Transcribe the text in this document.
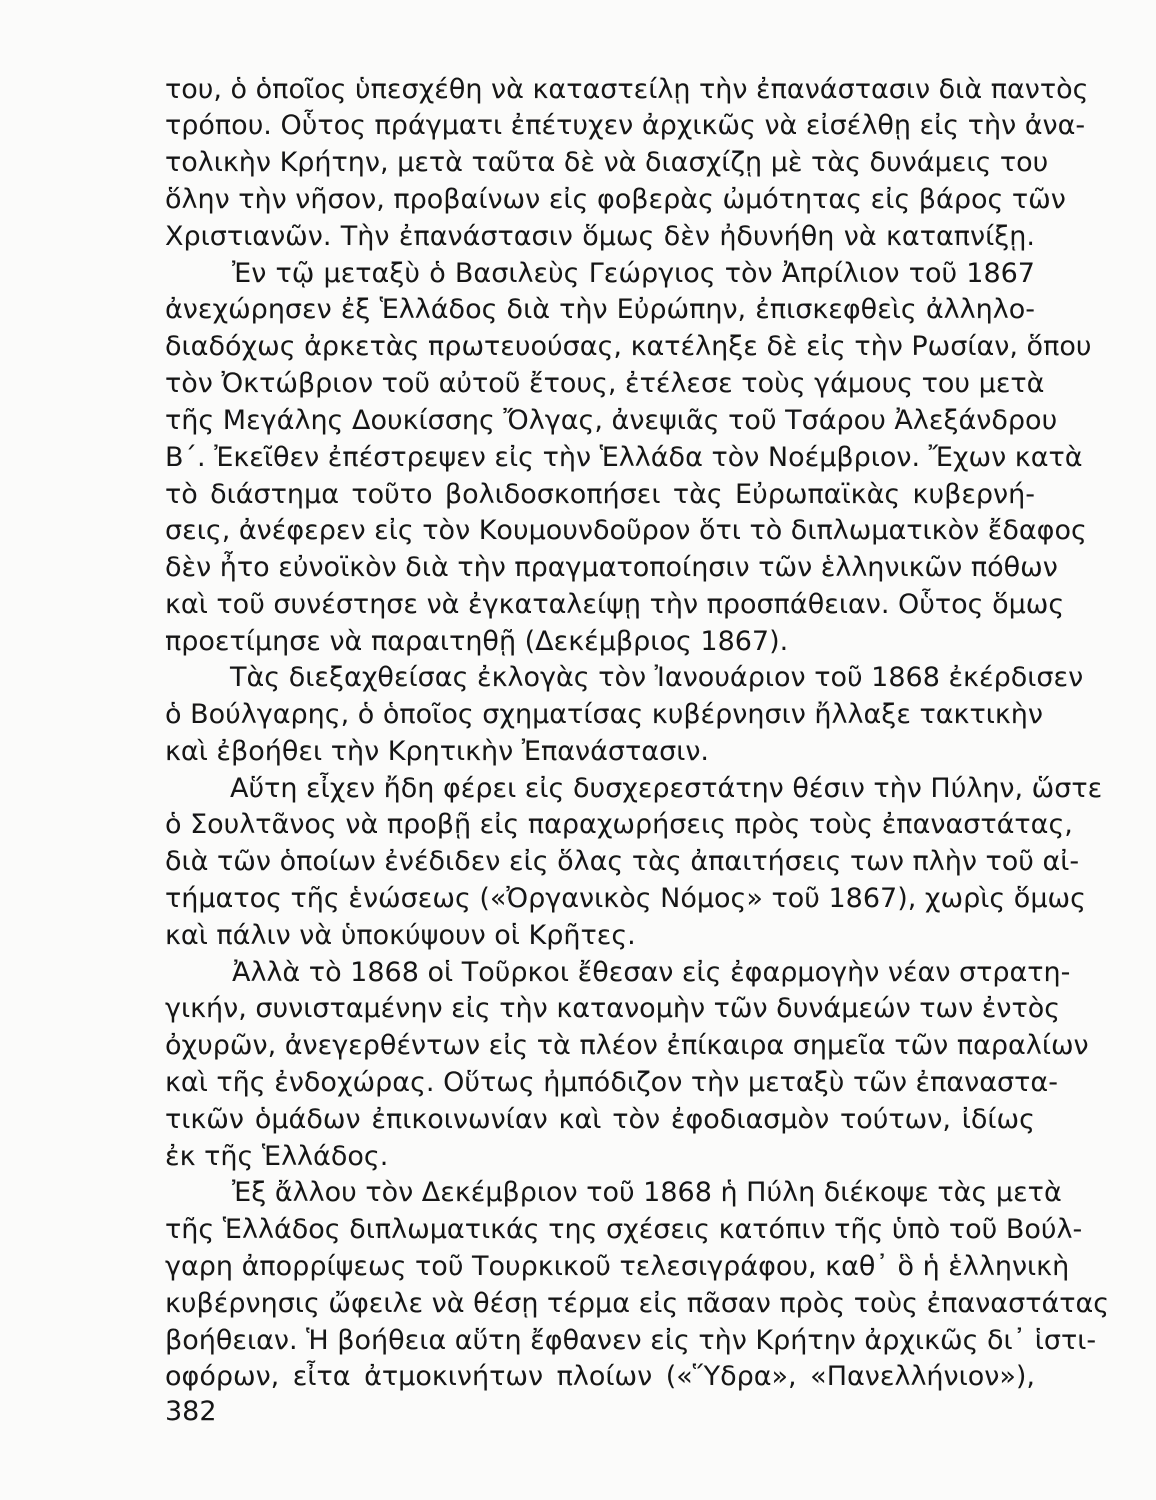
του, ὁ ὁποῖος ὑπεσχέθη νὰ καταστείλῃ τὴν ἐπανάστασιν διὰ παντὸς
τρόπου. Οὗτος πράγματι ἐπέτυχεν ἀρχικῶς νὰ εἰσέλθῃ εἰς τὴν ἀνα-
τολικὴν Κρήτην, μετὰ ταῦτα δὲ νὰ διασχίζῃ μὲ τὰς δυνάμεις του
ὅλην τὴν νῆσον, προβαίνων εἰς φοβερὰς ὠμότητας εἰς βάρος τῶν
Χριστιανῶν. Τὴν ἐπανάστασιν ὅμως δὲν ἠδυνήθη νὰ καταπνίξῃ.
Ἐν τῷ μεταξὺ ὁ Βασιλεὺς Γεώργιος τὸν Ἀπρίλιον τοῦ 1867
ἀνεχώρησεν ἐξ Ἑλλάδος διὰ τὴν Εὐρώπην, ἐπισκεφθεὶς ἀλληλο-
διαδόχως ἀρκετὰς πρωτευούσας, κατέληξε δὲ εἰς τὴν Ρωσίαν, ὅπου
τὸν Ὀκτώβριον τοῦ αὐτοῦ ἔτους, ἐτέλεσε τοὺς γάμους του μετὰ
τῆς Μεγάλης Δουκίσσης Ὄλγας, ἀνεψιᾶς τοῦ Τσάρου Ἀλεξάνδρου
Β΄. Ἐκεῖθεν ἐπέστρεψεν εἰς τὴν Ἑλλάδα τὸν Νοέμβριον. Ἔχων κατὰ
τὸ διάστημα τοῦτο βολιδοσκοπήσει τὰς Εὐρωπαϊκὰς κυβερνή-
σεις, ἀνέφερεν εἰς τὸν Κουμουνδοῦρον ὅτι τὸ διπλωματικὸν ἔδαφος
δὲν ἦτο εὐνοϊκὸν διὰ τὴν πραγματοποίησιν τῶν ἑλληνικῶν πόθων
καὶ τοῦ συνέστησε νὰ ἐγκαταλείψῃ τὴν προσπάθειαν. Οὗτος ὅμως
προετίμησε νὰ παραιτηθῇ (Δεκέμβριος 1867).
Τὰς διεξαχθείσας ἐκλογὰς τὸν Ἰανουάριον τοῦ 1868 ἐκέρδισεν
ὁ Βούλγαρης, ὁ ὁποῖος σχηματίσας κυβέρνησιν ἤλλαξε τακτικὴν
καὶ ἐβοήθει τὴν Κρητικὴν Ἐπανάστασιν.
Αὕτη εἶχεν ἤδη φέρει εἰς δυσχερεστάτην θέσιν τὴν Πύλην, ὥστε
ὁ Σουλτᾶνος νὰ προβῇ εἰς παραχωρήσεις πρὸς τοὺς ἐπαναστάτας,
διὰ τῶν ὁποίων ἐνέδιδεν εἰς ὅλας τὰς ἀπαιτήσεις των πλὴν τοῦ αἰ-
τήματος τῆς ἑνώσεως («Ὀργανικὸς Νόμος» τοῦ 1867), χωρὶς ὅμως
καὶ πάλιν νὰ ὑποκύψουν οἱ Κρῆτες.
Ἀλλὰ τὸ 1868 οἱ Τοῦρκοι ἔθεσαν εἰς ἐφαρμογὴν νέαν στρατη-
γικήν, συνισταμένην εἰς τὴν κατανομὴν τῶν δυνάμεών των ἐντὸς
ὀχυρῶν, ἀνεγερθέντων εἰς τὰ πλέον ἐπίκαιρα σημεῖα τῶν παραλίων
καὶ τῆς ἐνδοχώρας. Οὕτως ἠμπόδιζον τὴν μεταξὺ τῶν ἐπαναστα-
τικῶν ὁμάδων ἐπικοινωνίαν καὶ τὸν ἐφοδιασμὸν τούτων, ἰδίως
ἐκ τῆς Ἑλλάδος.
Ἐξ ἄλλου τὸν Δεκέμβριον τοῦ 1868 ἡ Πύλη διέκοψε τὰς μετὰ
τῆς Ἑλλάδος διπλωματικάς της σχέσεις κατόπιν τῆς ὑπὸ τοῦ Βούλ-
γαρη ἀπορρίψεως τοῦ Τουρκικοῦ τελεσιγράφου, καθ᾽ ὃ ἡ ἑλληνικὴ
κυβέρνησις ὤφειλε νὰ θέσῃ τέρμα εἰς πᾶσαν πρὸς τοὺς ἐπαναστάτας
βοήθειαν. Ἡ βοήθεια αὕτη ἔφθανεν εἰς τὴν Κρήτην ἀρχικῶς δι᾽ ἱστι-
οφόρων, εἶτα ἀτμοκινήτων πλοίων («Ὕδρα», «Πανελλήνιον»),
382
